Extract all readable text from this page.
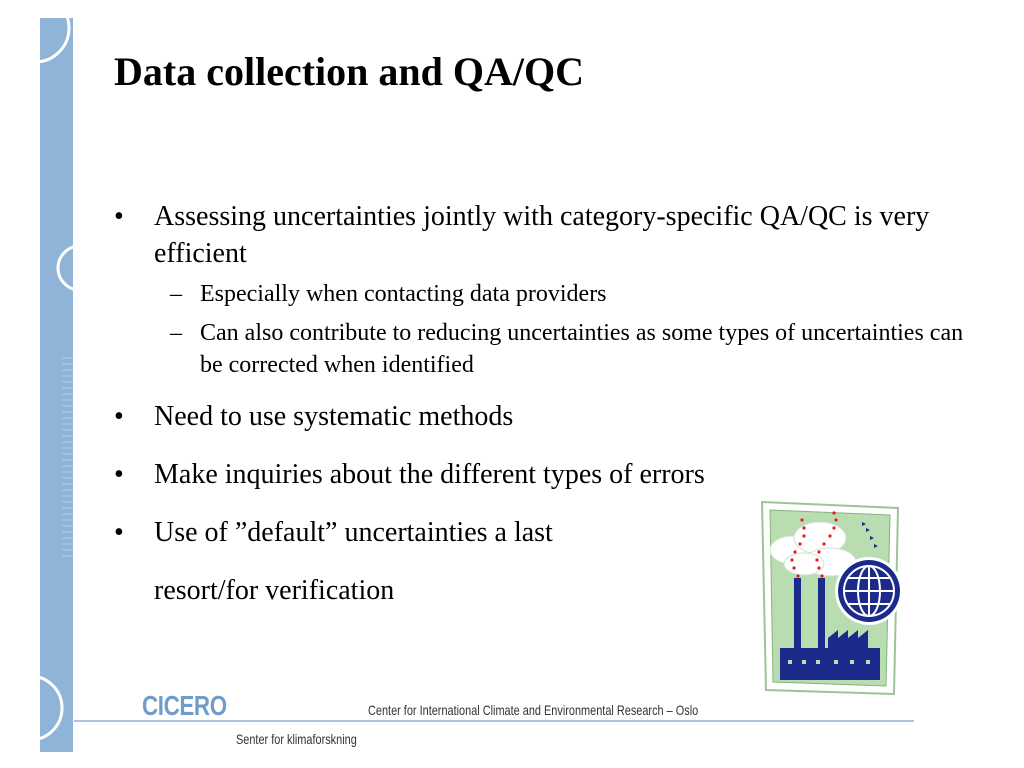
Data collection and QA/QC
• Assessing uncertainties jointly with category-specific QA/QC is very efficient
– Especially when contacting data providers
– Can also contribute to reducing uncertainties as some types of uncertainties can be corrected when identified
• Need to use systematic methods
• Make inquiries about the different types of errors
• Use of ”default” uncertainties a last
resort/for verification
CICERO	Center for International Climate and Environmental Research – Oslo
Senter for klimaforskning
